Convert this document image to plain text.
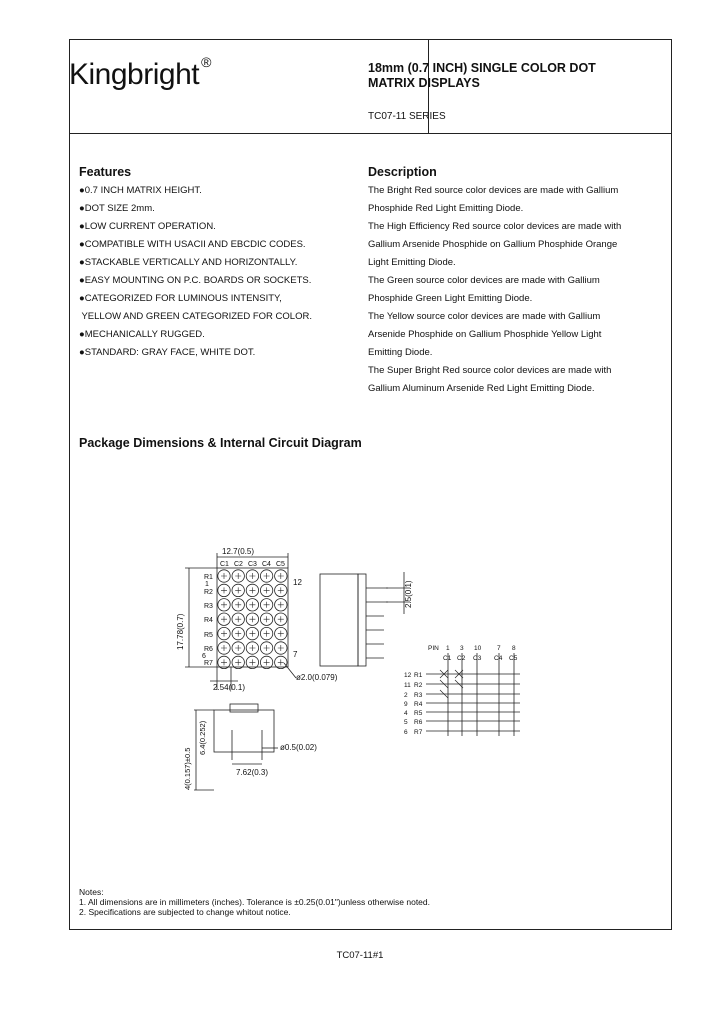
Kingbright ®	18mm (0.7 INCH) SINGLE COLOR DOT
MATRIX DISPLAYS
TC07-11 SERIES
Features
●0.7 INCH MATRIX HEIGHT.
●DOT SIZE 2mm.
●LOW CURRENT OPERATION.
●COMPATIBLE WITH USACII AND EBCDIC CODES.
●STACKABLE VERTICALLY AND HORIZONTALLY.
●EASY MOUNTING ON P.C. BOARDS OR SOCKETS.
●CATEGORIZED FOR LUMINOUS INTENSITY,
YELLOW AND GREEN CATEGORIZED FOR COLOR.
●MECHANICALLY RUGGED.
●STANDARD: GRAY FACE, WHITE DOT.
Description
The Bright Red source color devices are made with Gallium
Phosphide Red Light Emitting Diode.
The High Efficiency Red source color devices are made with
Gallium Arsenide Phosphide on Gallium Phosphide Orange
Light Emitting Diode.
The Green source color devices are made with Gallium
Phosphide Green Light Emitting Diode.
The Yellow source color devices are made with Gallium
Arsenide Phosphide on Gallium Phosphide Yellow Light
Emitting Diode.
The Super Bright Red source color devices are made with
Gallium Aluminum Arsenide Red Light Emitting Diode.
Package Dimensions & Internal Circuit Diagram
12.7(0.5)
17.78(0.7)
2.54(0.1)
ø2.0(0.079)
2.5(0.1)
4(0.157)±0.5
6.4(0.252)	ø0.5(0.02)
7.62(0.3)
C1 C2 C3 C4 C5
R1
R2
R3
R4
R5
R6
R7
12
7
1
6
PIN 1 3 10 7 8
C1 C2 C3 C4 C5
12
11
2
9
4
5
6
R1
R2
R3
R4
R5
R6
R7
Notes:
1. All dimensions are in millimeters (inches). Tolerance is ±0.25(0.01")unless otherwise noted.
2. Specifications are subjected to change whitout notice.
TC07-11#1
